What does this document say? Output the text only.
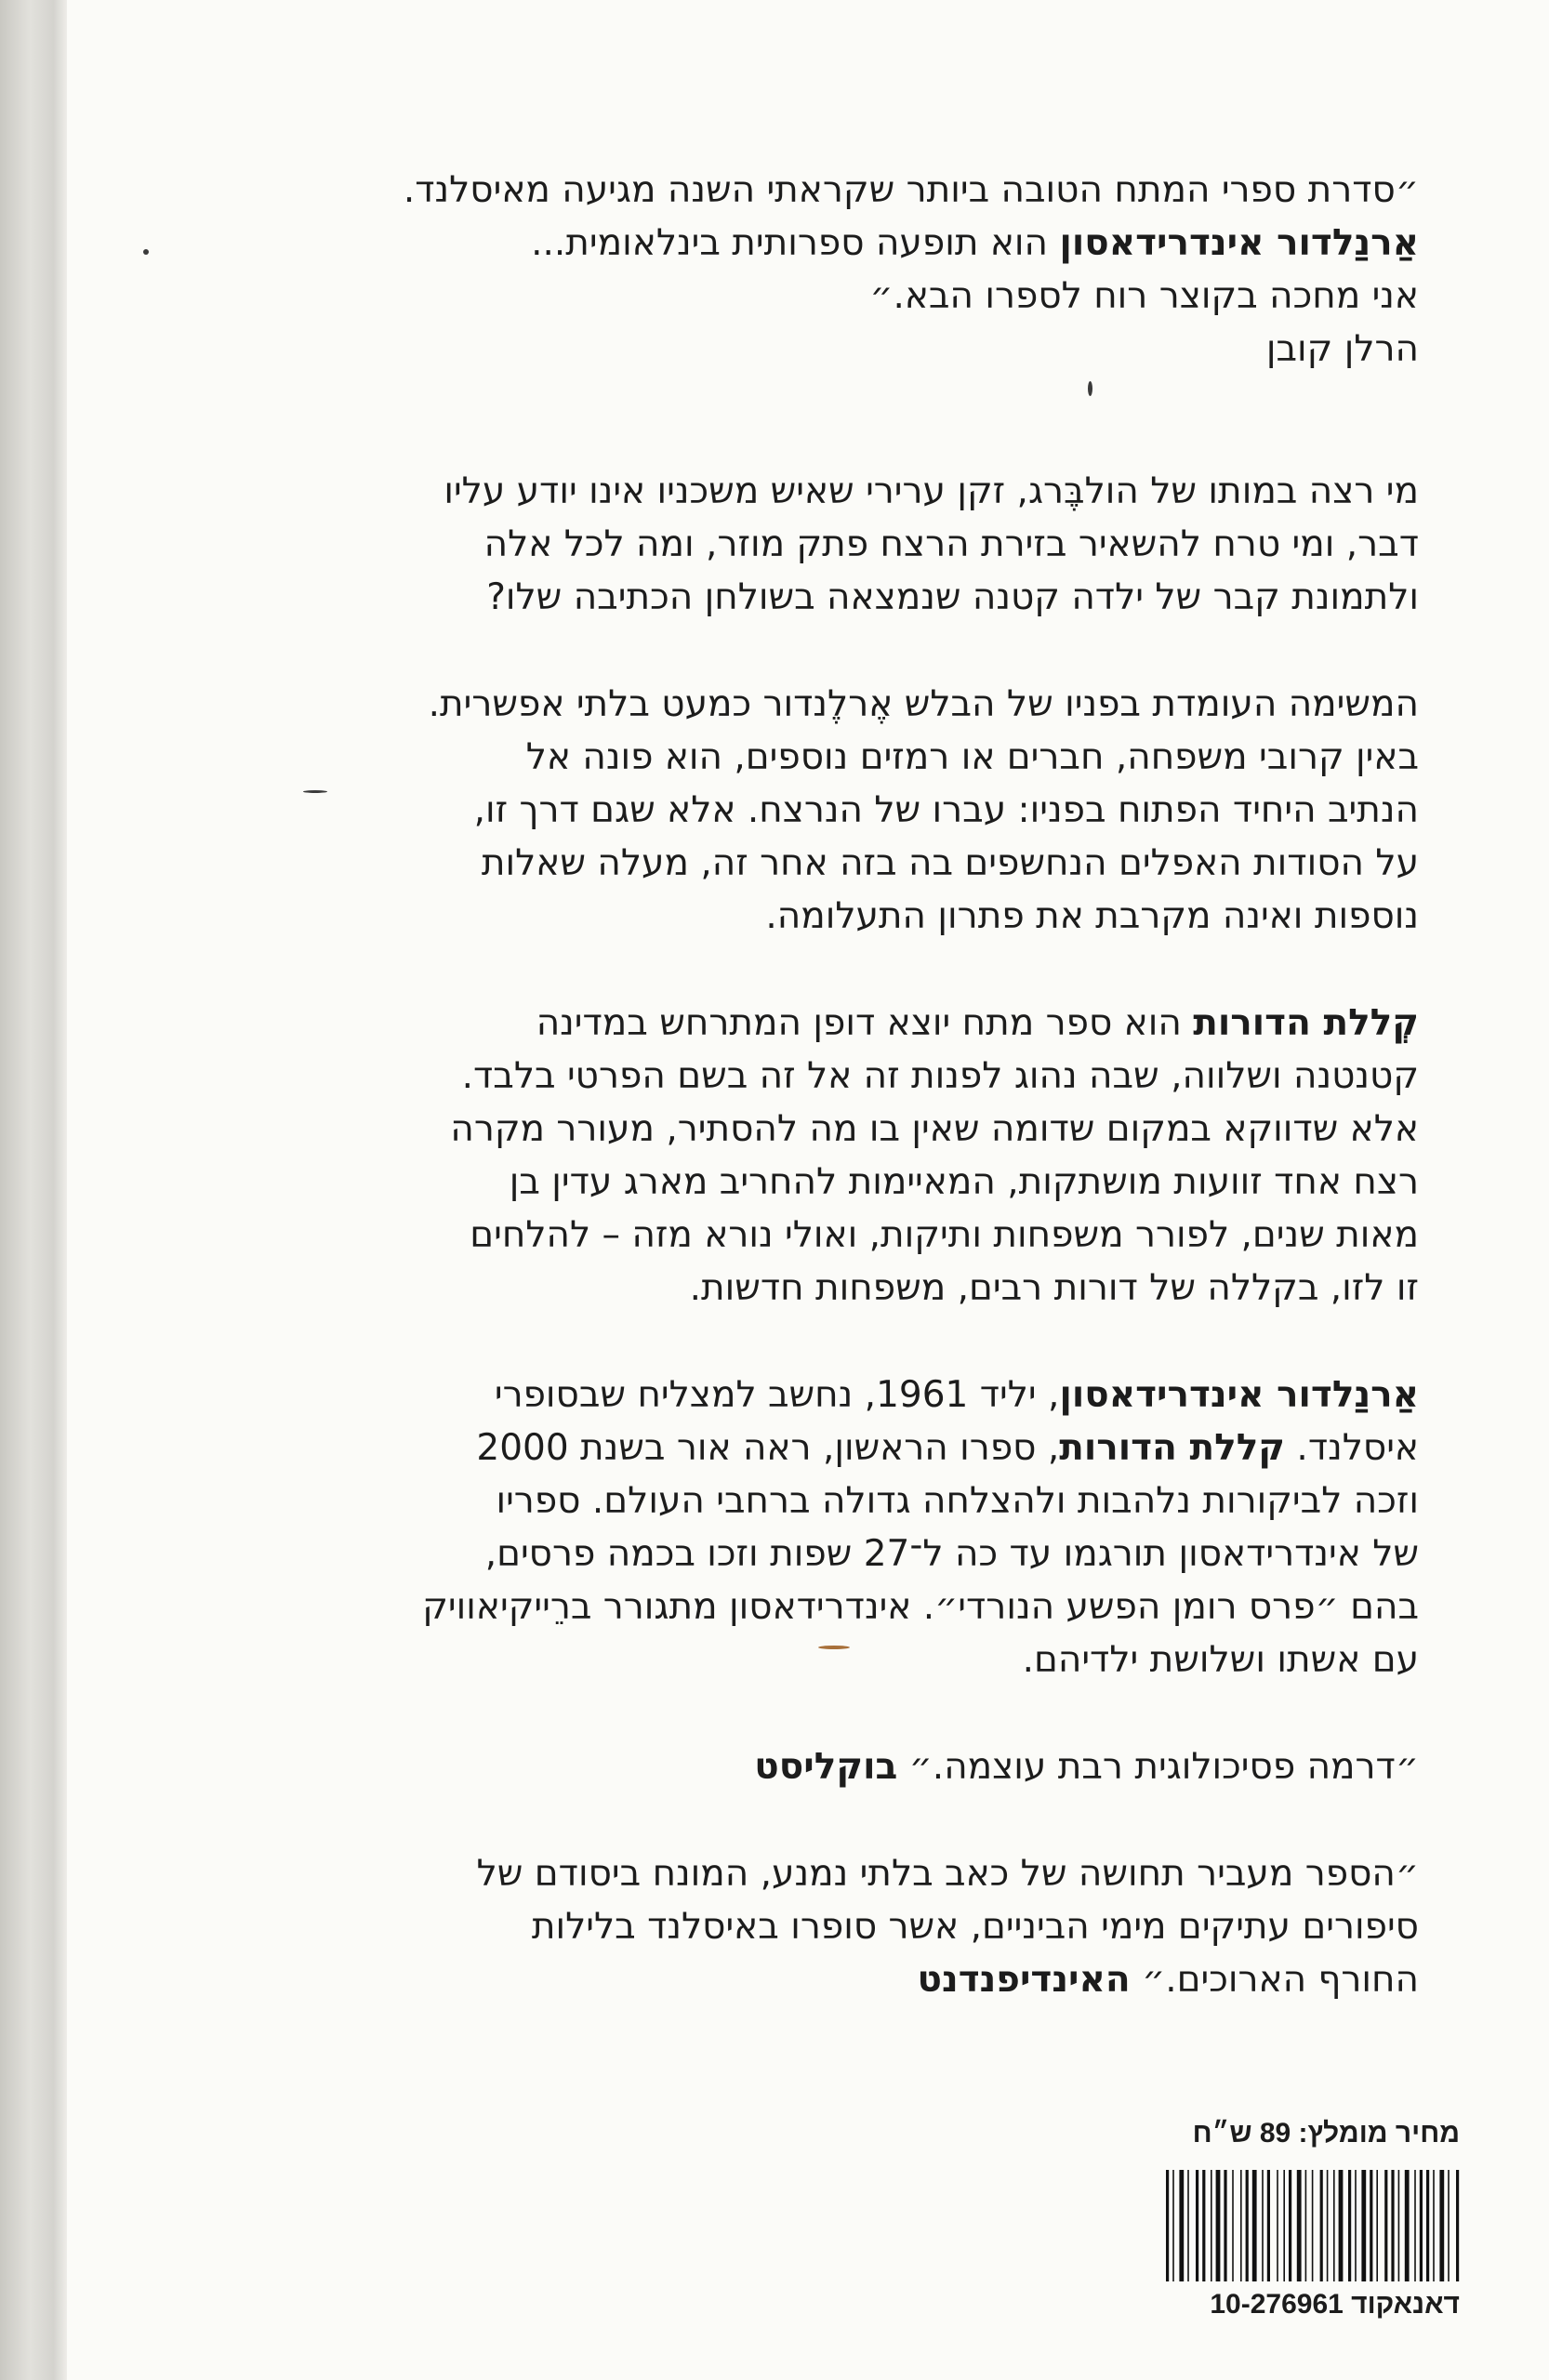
״סדרת ספרי המתח הטובה ביותר שקראתי השנה מגיעה מאיסלנד.
אַרנַלדור אינדרידאסון הוא תופעה ספרותית בינלאומית...
אני מחכה בקוצר רוח לספרו הבא.״
הרלן קובן

מי רצה במותו של הולבֶּרג, זקן ערירי שאיש משכניו אינו יודע עליו
דבר, ומי טרח להשאיר בזירת הרצח פתק מוזר, ומה לכל אלה
ולתמונת קבר של ילדה קטנה שנמצאה בשולחן הכתיבה שלו?

המשימה העומדת בפניו של הבלש אֶרלֶנדור כמעט בלתי אפשרית.
באין קרובי משפחה, חברים או רמזים נוספים, הוא פונה אל
הנתיב היחיד הפתוח בפניו: עברו של הנרצח. אלא שגם דרך זו,
על הסודות האפלים הנחשפים בה בזה אחר זה, מעלה שאלות
נוספות ואינה מקרבת את פתרון התעלומה.

קְללת הדורות הוא ספר מתח יוצא דופן המתרחש במדינה
קטנטנה ושלווה, שבה נהוג לפנות זה אל זה בשם הפרטי בלבד.
אלא שדווקא במקום שדומה שאין בו מה להסתיר, מעורר מקרה
רצח אחד זוועות מושתקות, המאיימות להחריב מארג עדין בן
מאות שנים, לפורר משפחות ותיקות, ואולי נורא מזה – להלחים
זו לזו, בקללה של דורות רבים, משפחות חדשות.

אַרנַלדור אינדרידאסון, יליד 1961, נחשב למצליח שבסופרי
איסלנד. קללת הדורות, ספרו הראשון, ראה אור בשנת 2000
וזכה לביקורות נלהבות ולהצלחה גדולה ברחבי העולם. ספריו
של אינדרידאסון תורגמו עד כה ל־27 שפות וזכו בכמה פרסים,
בהם ״פרס רומן הפשע הנורדי״. אינדרידאסון מתגורר ברֵייקיאוויק
עם אשתו ושלושת ילדיהם.

״דרמה פסיכולוגית רבת עוצמה.״ בוקליסט

״הספר מעביר תחושה של כאב בלתי נמנע, המונח ביסודם של
סיפורים עתיקים מימי הביניים, אשר סופרו באיסלנד בלילות
החורף הארוכים.״ האינדיפנדנט

מחיר מומלץ: 89 ש״ח
דאנאקוד 10-276961
